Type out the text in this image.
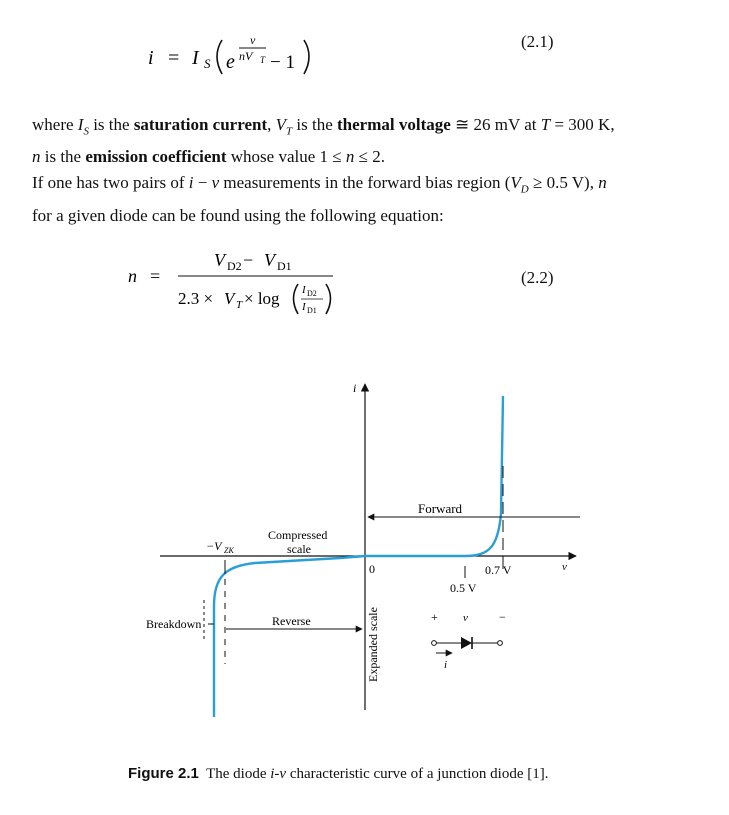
i = I S e
v
nV T − 1
(2.1)
where $I_S$ is the saturation current, $V_T$ is the thermal voltage ≅ 26 mV at T = 300 K,
n is the emission coefficient whose value 1 ≤ n ≤ 2.
If one has two pairs of i − v measurements in the forward bias region ($V_D \ge 0.5$ V), n
for a given diode can be found using the following equation:
n =
V D2 − V D1
2.3 × V T × log I D2
I D1
(2.2)
i
v
0
Forward
Compressed
scale
−V ZK
0.7 V
0.5 V
Breakdown	Reverse	Expanded scale	+ v	−
i
Figure 2.1  The diode i-v characteristic curve of a junction diode [1].
